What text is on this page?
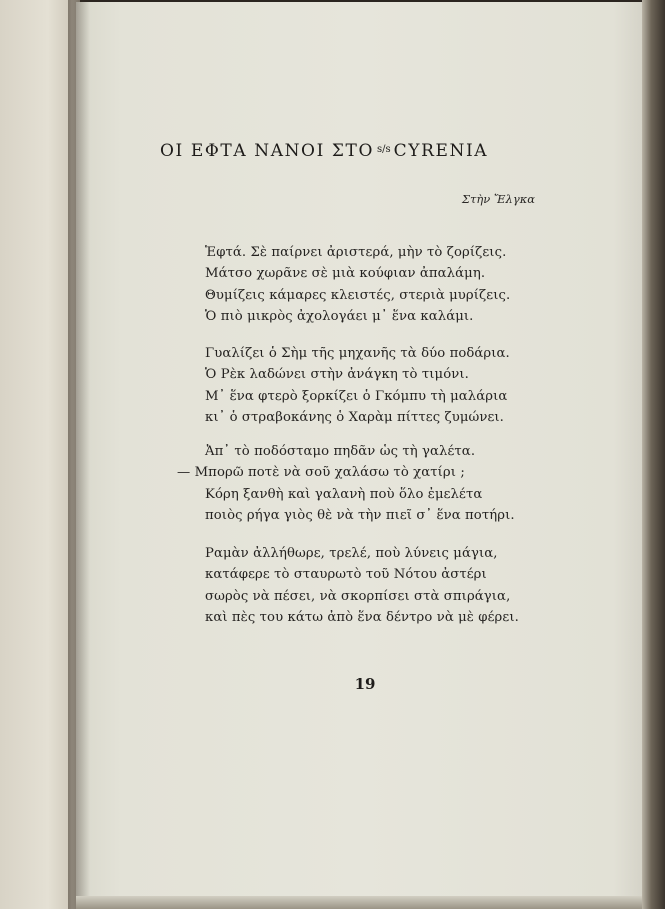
ΟΙ ΕΦΤΑ ΝΑΝΟΙ ΣΤΟ $^{s/s}$ CYRENIA
Στὴν Ἔλγκα
Ἑφτά. Σὲ παίρνει ἀριστερά, μὴν τὸ ζορίζεις.
Μάτσο χωρᾶνε σὲ μιὰ κούφιαν ἀπαλάμη.
Θυμίζεις κάμαρες κλειστές, στεριὰ μυρίζεις.
Ὁ πιὸ μικρὸς ἀχολογάει μ᾽ ἕνα καλάμι.
Γυαλίζει ὁ Σὴμ τῆς μηχανῆς τὰ δύο ποδάρια.
Ὁ Ρὲκ λαδώνει στὴν ἀνάγκη τὸ τιμόνι.
Μ᾽ ἕνα φτερὸ ξορκίζει ὁ Γκόμπυ τὴ μαλάρια
κι᾽ ὁ στραβοκάνης ὁ Χαρὰμ πίττες ζυμώνει.
Ἀπ᾽ τὸ ποδόσταμο πηδᾶν ὡς τὴ γαλέτα.
— Μπορῶ ποτὲ νὰ σοῦ χαλάσω τὸ χατίρι ;
Κόρη ξανθὴ καὶ γαλανὴ ποὺ ὅλο ἐμελέτα
ποιὸς ρήγα γιὸς θὲ νὰ τὴν πιεῖ σ᾽ ἕνα ποτήρι.
Ραμὰν ἀλλήθωρε, τρελέ, ποὺ λύνεις μάγια,
κατάφερε τὸ σταυρωτὸ τοῦ Νότου ἀστέρι
σωρὸς νὰ πέσει, νὰ σκορπίσει στὰ σπιράγια,
καὶ πὲς του κάτω ἀπὸ ἕνα δέντρο νὰ μὲ φέρει.
19
